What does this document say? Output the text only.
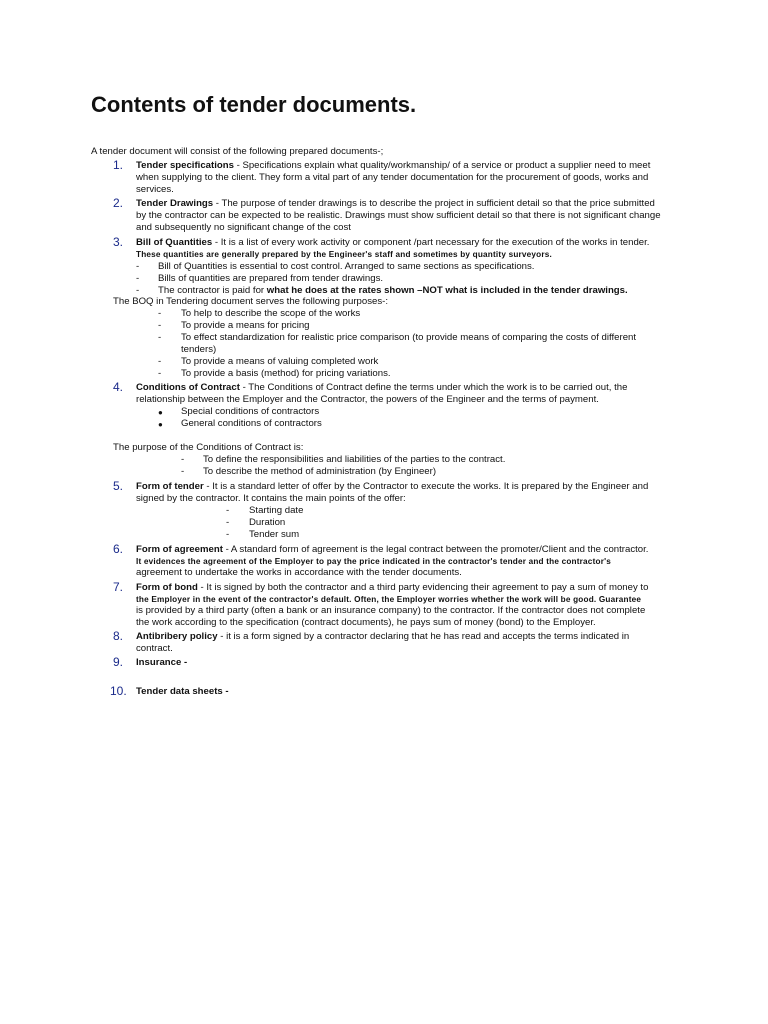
Contents of tender documents.
A tender document will consist of the following prepared documents-;
1. Tender specifications - Specifications explain what quality/workmanship/ of a service or product a supplier need to meet
when supplying to the client. They form a vital part of any tender documentation for the procurement of goods, works and
services.
2. Tender Drawings - The purpose of tender drawings is to describe the project in sufficient detail so that the price submitted
by the contractor can be expected to be realistic. Drawings must show sufficient detail so that there is not significant change
and subsequently no significant change of the cost
3. Bill of Quantities - It is a list of every work activity or component /part necessary for the execution of the works in tender.
These quantities are generally prepared by the Engineer's staff and sometimes by quantity surveyors.
- Bill of Quantities is essential to cost control. Arranged to same sections as specifications.
- Bills of quantities are prepared from tender drawings.
- The contractor is paid for what he does at the rates shown –NOT what is included in the tender drawings.
The BOQ in Tendering document serves the following purposes-:
- To help to describe the scope of the works
- To provide a means for pricing
- To effect standardization for realistic price comparison (to provide means of comparing the costs of different
tenders)
- To provide a means of valuing completed work
- To provide a basis (method) for pricing variations.
4. Conditions of Contract - The Conditions of Contract define the terms under which the work is to be carried out, the
relationship between the Employer and the Contractor, the powers of the Engineer and the terms of payment.
● Special conditions of contractors
● General conditions of contractors
The purpose of the Conditions of Contract is:
- To define the responsibilities and liabilities of the parties to the contract.
- To describe the method of administration (by Engineer)
5. Form of tender - It is a standard letter of offer by the Contractor to execute the works. It is prepared by the Engineer and
signed by the contractor. It contains the main points of the offer:
- Starting date
- Duration
- Tender sum
6. Form of agreement - A standard form of agreement is the legal contract between the promoter/Client and the contractor.
It evidences the agreement of the Employer to pay the price indicated in the contractor's tender and the contractor's
agreement to undertake the works in accordance with the tender documents.
7. Form of bond - It is signed by both the contractor and a third party evidencing their agreement to pay a sum of money to
the Employer in the event of the contractor's default. Often, the Employer worries whether the work will be good. Guarantee
is provided by a third party (often a bank or an insurance company) to the contractor. If the contractor does not complete
the work according to the specification (contract documents), he pays sum of money (bond) to the Employer.
8. Antibribery policy - it is a form signed by a contractor declaring that he has read and accepts the terms indicated in
contract.
9. Insurance -
10. Tender data sheets -
